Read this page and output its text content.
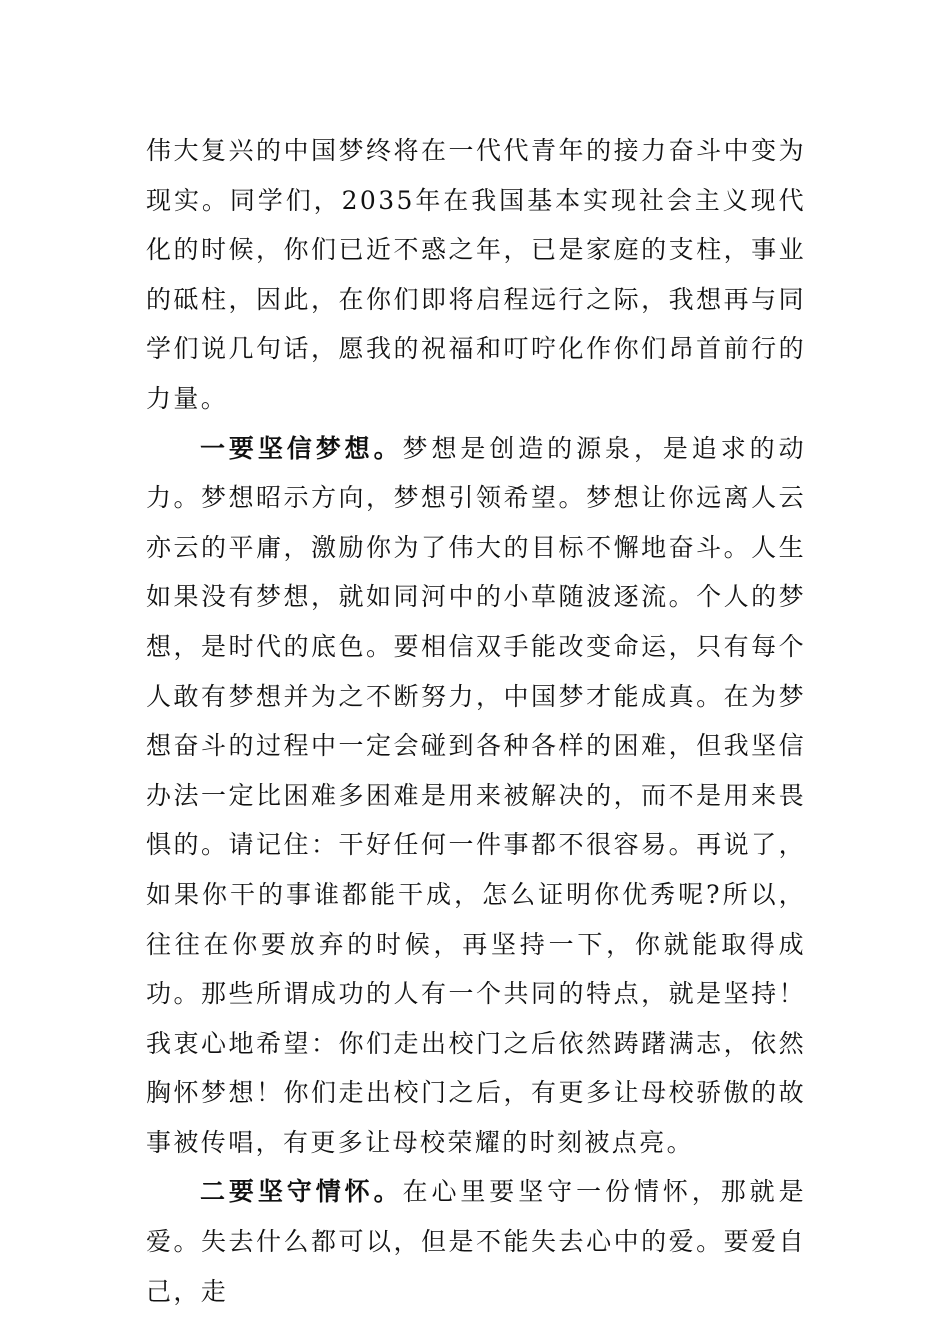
伟大复兴的中国梦终将在一代代青年的接力奋斗中变为现实。同学们，2035年在我国基本实现社会主义现代化的时候，你们已近不惑之年，已是家庭的支柱，事业的砥柱，因此，在你们即将启程远行之际，我想再与同学们说几句话，愿我的祝福和叮咛化作你们昂首前行的力量。

一要坚信梦想。梦想是创造的源泉，是追求的动力。梦想昭示方向，梦想引领希望。梦想让你远离人云亦云的平庸，激励你为了伟大的目标不懈地奋斗。人生如果没有梦想，就如同河中的小草随波逐流。个人的梦想，是时代的底色。要相信双手能改变命运，只有每个人敢有梦想并为之不断努力，中国梦才能成真。在为梦想奋斗的过程中一定会碰到各种各样的困难，但我坚信办法一定比困难多困难是用来被解决的，而不是用来畏惧的。请记住：干好任何一件事都不很容易。再说了，如果你干的事谁都能干成，怎么证明你优秀呢?所以，往往在你要放弃的时候，再坚持一下，你就能取得成功。那些所谓成功的人有一个共同的特点，就是坚持！我衷心地希望：你们走出校门之后依然踌躇满志，依然胸怀梦想！你们走出校门之后，有更多让母校骄傲的故事被传唱，有更多让母校荣耀的时刻被点亮。

二要坚守情怀。在心里要坚守一份情怀，那就是爱。失去什么都可以，但是不能失去心中的爱。要爱自己，走
